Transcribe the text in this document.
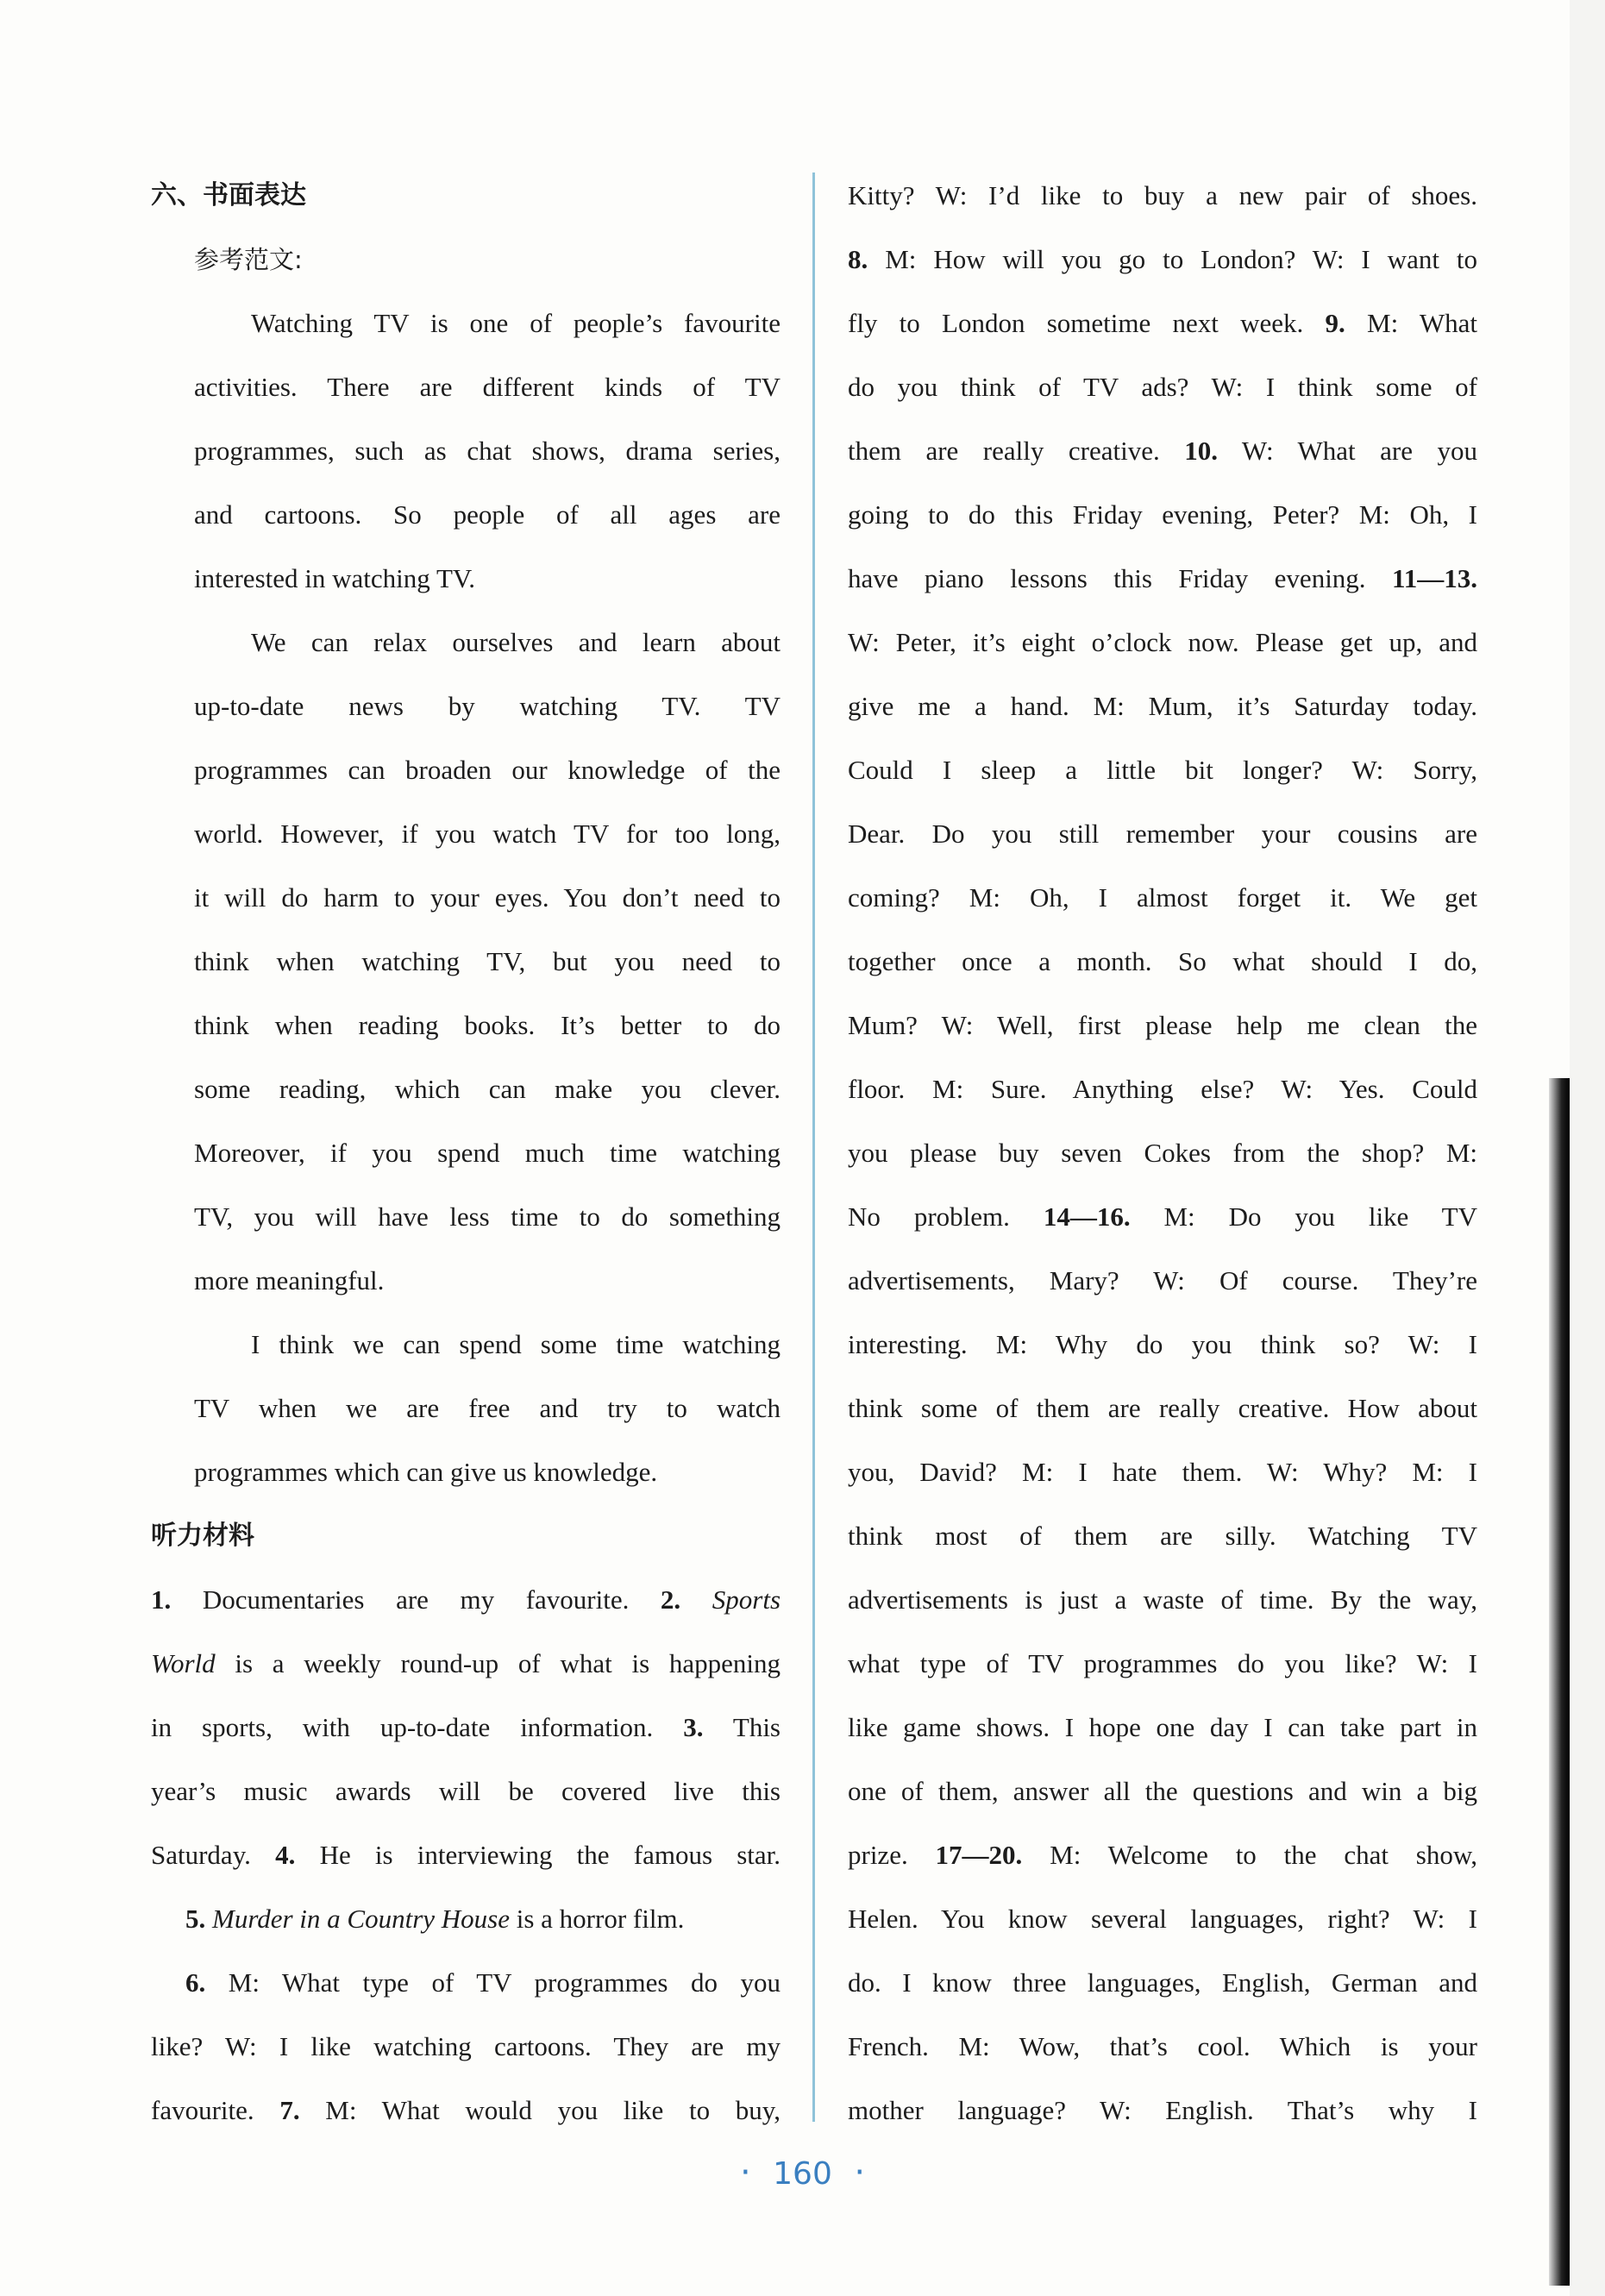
六、书面表达
参考范文:
Watching TV is one of people’s favourite
activities. There are different kinds of TV
programmes, such as chat shows, drama series,
and cartoons. So people of all ages are
interested in watching TV.
We can relax ourselves and learn about
up-to-date news by watching TV. TV
programmes can broaden our knowledge of the
world. However, if you watch TV for too long,
it will do harm to your eyes. You don’t need to
think when watching TV, but you need to
think when reading books. It’s better to do
some reading, which can make you clever.
Moreover, if you spend much time watching
TV, you will have less time to do something
more meaningful.
I think we can spend some time watching
TV when we are free and try to watch
programmes which can give us knowledge.
听力材料
1. Documentaries are my favourite. 2. Sports
World is a weekly round-up of what is happening
in sports, with up-to-date information. 3. This
year’s music awards will be covered live this
Saturday. 4. He is interviewing the famous star.
5. Murder in a Country House is a horror film.
6. M: What type of TV programmes do you
like? W: I like watching cartoons. They are my
favourite. 7. M: What would you like to buy,
Kitty? W: I’d like to buy a new pair of shoes.
8. M: How will you go to London? W: I want to
fly to London sometime next week. 9. M: What
do you think of TV ads? W: I think some of
them are really creative. 10. W: What are you
going to do this Friday evening, Peter? M: Oh, I
have piano lessons this Friday evening. 11—13.
W: Peter, it’s eight o’clock now. Please get up, and
give me a hand. M: Mum, it’s Saturday today.
Could I sleep a little bit longer? W: Sorry,
Dear. Do you still remember your cousins are
coming? M: Oh, I almost forget it. We get
together once a month. So what should I do,
Mum? W: Well, first please help me clean the
floor. M: Sure. Anything else? W: Yes. Could
you please buy seven Cokes from the shop? M:
No problem. 14—16. M: Do you like TV
advertisements, Mary? W: Of course. They’re
interesting. M: Why do you think so? W: I
think some of them are really creative. How about
you, David? M: I hate them. W: Why? M: I
think most of them are silly. Watching TV
advertisements is just a waste of time. By the way,
what type of TV programmes do you like? W: I
like game shows. I hope one day I can take part in
one of them, answer all the questions and win a big
prize. 17—20. M: Welcome to the chat show,
Helen. You know several languages, right? W: I
do. I know three languages, English, German and
French. M: Wow, that’s cool. Which is your
mother language? W: English. That’s why I
· 160 ·
